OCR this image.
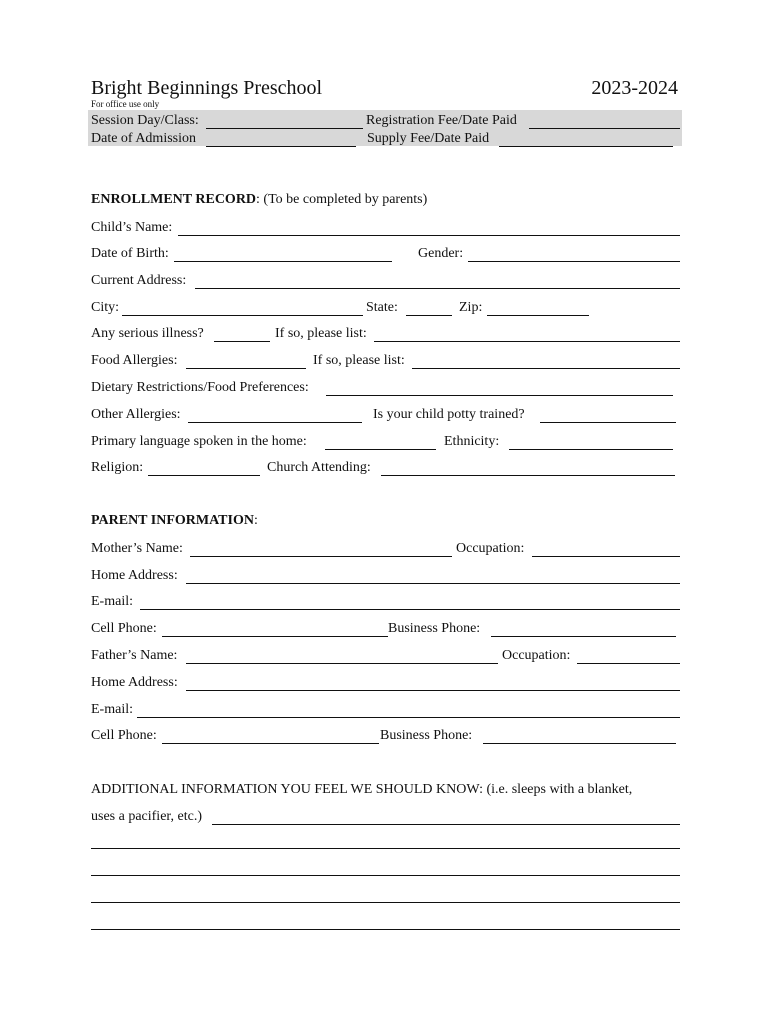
Bright Beginnings Preschool	2023-2024
For office use only
Session Day/Class:	Registration Fee/Date Paid
Date of Admission	Supply Fee/Date Paid
ENROLLMENT RECORD: (To be completed by parents)
Child’s Name:
Date of Birth:	Gender:
Current Address:
City:	State:	Zip:
Any serious illness?	If so, please list:
Food Allergies:	If so, please list:
Dietary Restrictions/Food Preferences:
Other Allergies:	Is your child potty trained?
Primary language spoken in the home:	Ethnicity:
Religion:	Church Attending:
PARENT INFORMATION:
Mother’s Name:	Occupation:
Home Address:
E-mail:
Cell Phone:	Business Phone:
Father’s Name:	Occupation:
Home Address:
E-mail:
Cell Phone:	Business Phone:
ADDITIONAL INFORMATION YOU FEEL WE SHOULD KNOW: (i.e. sleeps with a blanket,
uses a pacifier, etc.)
